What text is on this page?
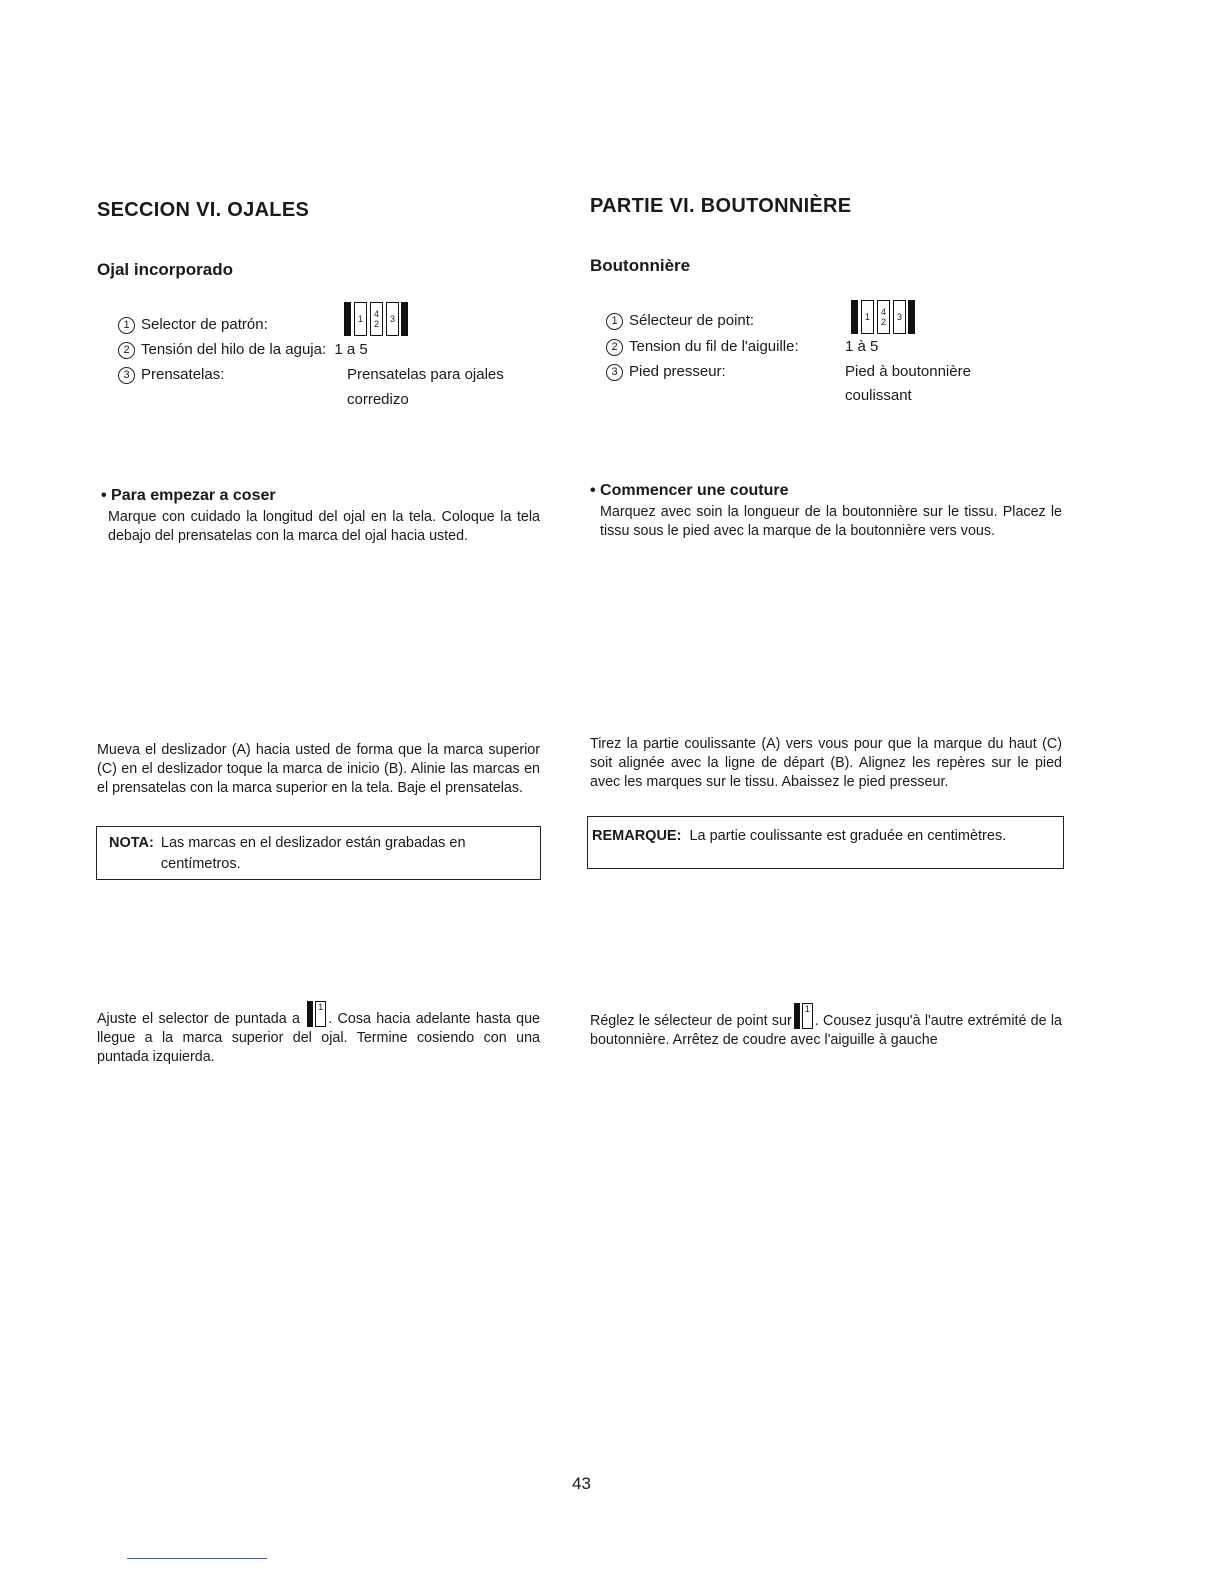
SECCION VI. OJALES
Ojal incorporado
1 Selector de patrón:	1	4
2	3
2 Tensión del hilo de la aguja: 1 a 5
3 Prensatelas:	Prensatelas para ojales
corredizo
• Para empezar a coser
Marque con cuidado la longitud del ojal en la tela. Coloque la tela debajo del prensatelas con la marca del ojal hacia usted.
Mueva el deslizador (A) hacia usted de forma que la marca superior (C) en el deslizador toque la marca de inicio (B). Alinie las marcas en el prensatelas con la marca superior en la tela. Baje el prensatelas.
NOTA: Las marcas en el deslizador están grabadas en centímetros.
Ajuste el selector de puntada a
1
. Cosa hacia adelante hasta que llegue a la marca superior del ojal. Termine cosiendo con una puntada izquierda.
PARTIE VI. BOUTONNIÈRE
Boutonnière
1 Sélecteur de point:	1	4
2	3
2 Tension du fil de l'aiguille:	1 à 5
3 Pied presseur:	Pied à boutonnière
coulissant
• Commencer une couture
Marquez avec soin la longueur de la boutonnière sur le tissu. Placez le tissu sous le pied avec la marque de la boutonnière vers vous.
Tirez la partie coulissante (A) vers vous pour que la marque du haut (C) soit alignée avec la ligne de départ (B). Alignez les repères sur le pied avec les marques sur le tissu. Abaissez le pied presseur.
REMARQUE: La partie coulissante est graduée en centimètres.
Réglez le sélecteur de point sur
1
. Cousez jusqu'à l'autre extrémité de la boutonnière. Arrêtez de coudre avec l'aiguille à gauche
43
